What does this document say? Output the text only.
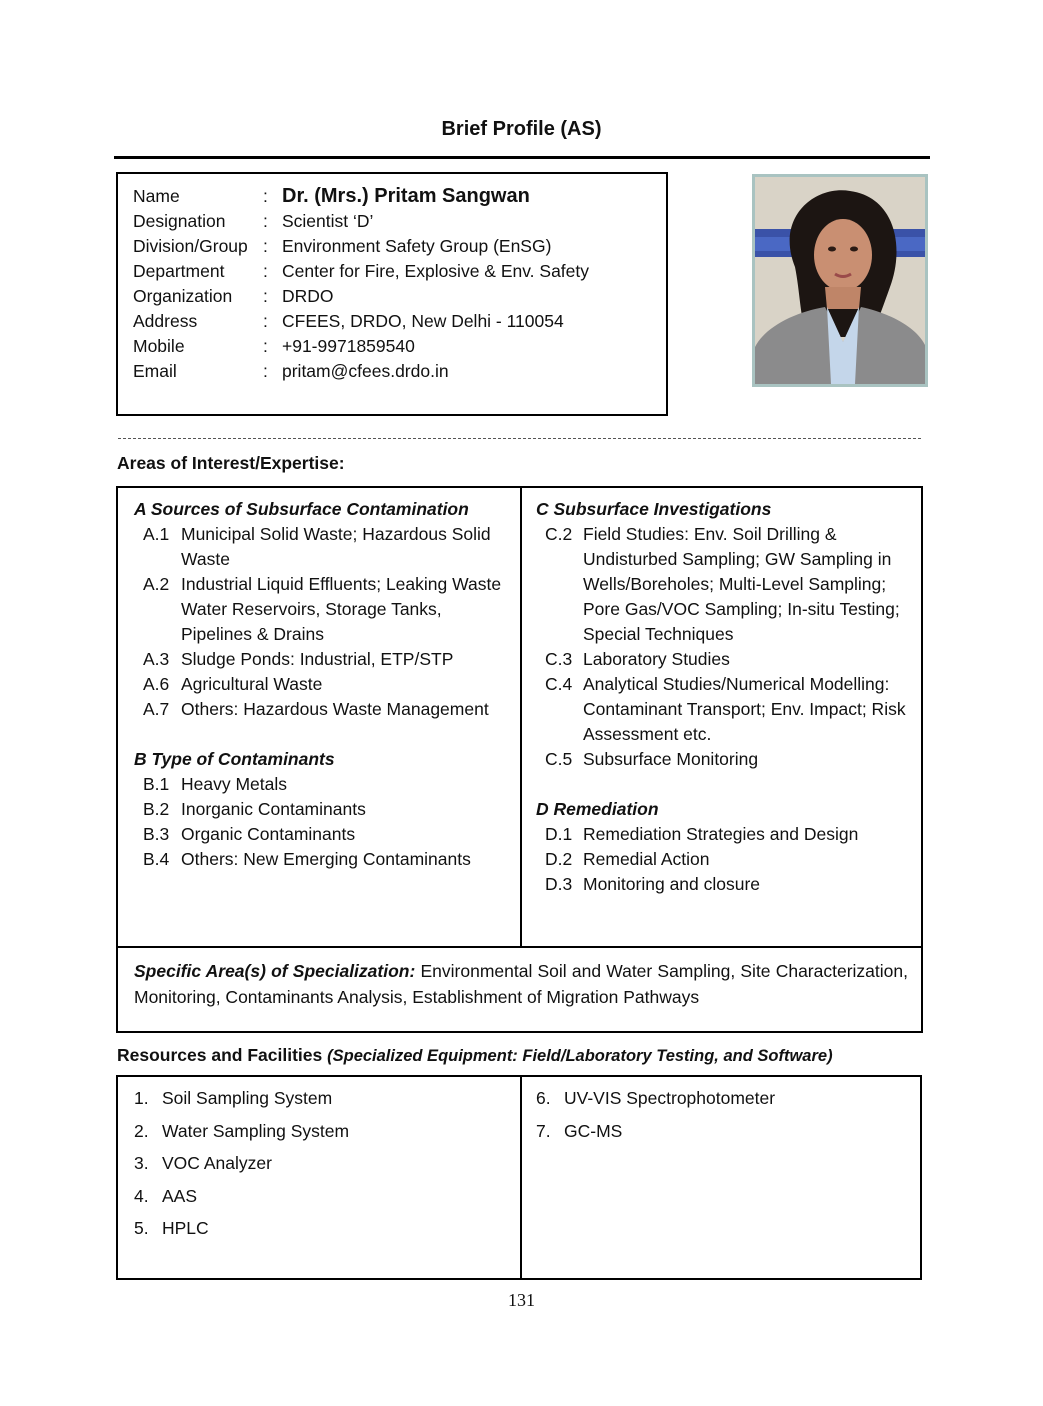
Brief Profile (AS)
Name	: Dr. (Mrs.) Pritam Sangwan
Designation	: Scientist ‘D’
Division/Group : Environment Safety Group (EnSG)
Department	: Center for Fire, Explosive & Env. Safety
Organization	: DRDO
Address	: CFEES, DRDO, New Delhi - 110054
Mobile	: +91-9971859540
Email	: pritam@cfees.drdo.in
Areas of Interest/Expertise:
A Sources of Subsurface Contamination
A.1 Municipal Solid Waste; Hazardous Solid Waste
A.2 Industrial Liquid Effluents; Leaking Waste Water Reservoirs, Storage Tanks, Pipelines & Drains
A.3 Sludge Ponds: Industrial, ETP/STP
A.6 Agricultural Waste
A.7 Others: Hazardous Waste Management
B Type of Contaminants
B.1 Heavy Metals
B.2 Inorganic Contaminants
B.3 Organic Contaminants
B.4 Others: New Emerging Contaminants
C Subsurface Investigations
C.2 Field Studies: Env. Soil Drilling & Undisturbed Sampling; GW Sampling in Wells/Boreholes; Multi-Level Sampling; Pore Gas/VOC Sampling; In-situ Testing; Special Techniques
C.3 Laboratory Studies
C.4 Analytical Studies/Numerical Modelling: Contaminant Transport; Env. Impact; Risk Assessment etc.
C.5 Subsurface Monitoring
D Remediation
D.1 Remediation Strategies and Design
D.2 Remedial Action
D.3 Monitoring and closure
Specific Area(s) of Specialization: Environmental Soil and Water Sampling, Site Characterization, Monitoring, Contaminants Analysis, Establishment of Migration Pathways
Resources and Facilities (Specialized Equipment: Field/Laboratory Testing, and Software)
1. Soil Sampling System
2. Water Sampling System
3. VOC Analyzer
4. AAS
5. HPLC
6. UV-VIS Spectrophotometer
7. GC-MS
131
